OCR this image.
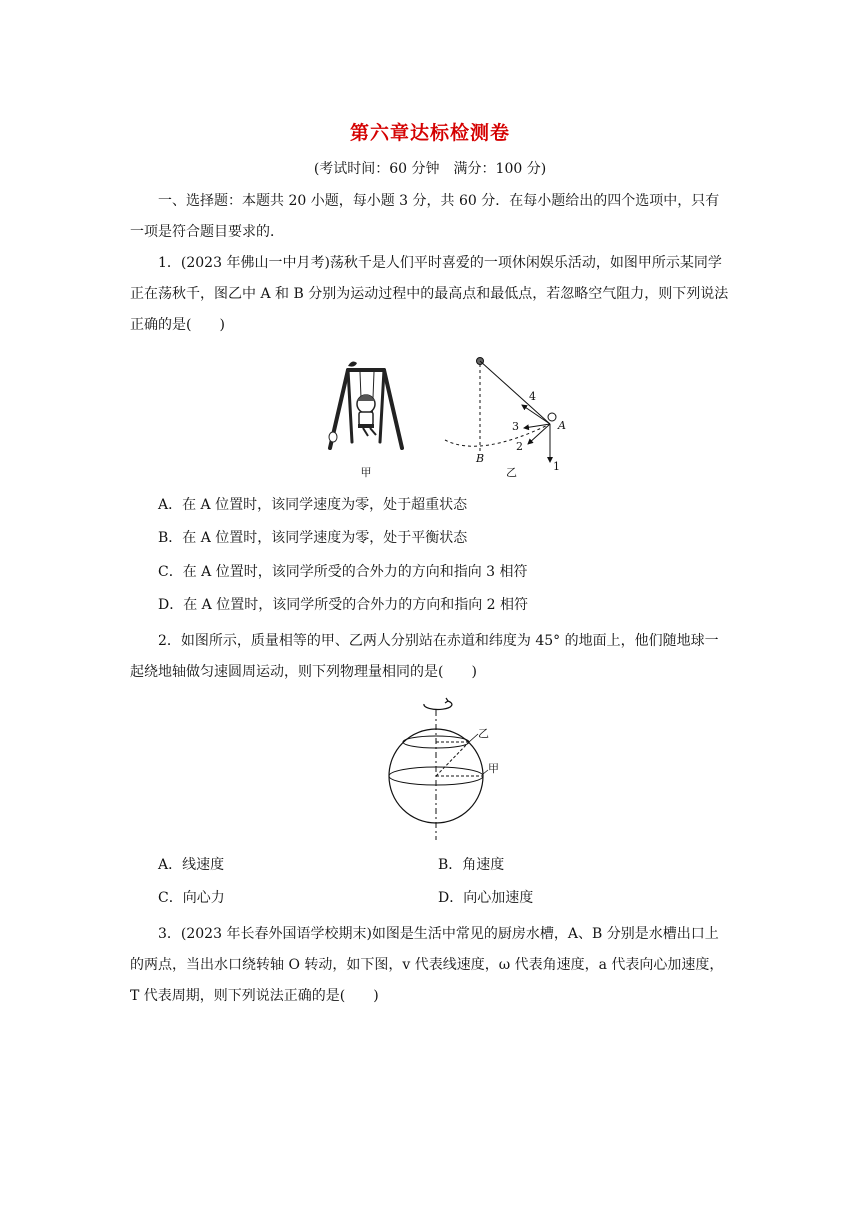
第六章达标检测卷
(考试时间：60 分钟　满分：100 分)

一、选择题：本题共 20 小题，每小题 3 分，共 60 分．在每小题给出的四个选项中，只有一项是符合题目要求的．

1．(2023 年佛山一中月考)荡秋千是人们平时喜爱的一项休闲娱乐活动，如图甲所示某同学正在荡秋千，图乙中 A 和 B 分别为运动过程中的最高点和最低点，若忽略空气阻力，则下列说法正确的是(　　)

甲	1
2
3
4
A
B
乙
A．在 A 位置时，该同学速度为零，处于超重状态
B．在 A 位置时，该同学速度为零，处于平衡状态
C．在 A 位置时，该同学所受的合外力的方向和指向 3 相符
D．在 A 位置时，该同学所受的合外力的方向和指向 2 相符

2．如图所示，质量相等的甲、乙两人分别站在赤道和纬度为 45° 的地面上，他们随地球一起绕地轴做匀速圆周运动，则下列物理量相同的是(　　)

乙
甲
A．线速度	B．角速度
C．向心力	D．向心加速度

3．(2023 年长春外国语学校期末)如图是生活中常见的厨房水槽，A、B 分别是水槽出口上的两点，当出水口绕转轴 O 转动，如下图，v 代表线速度，ω 代表角速度，a 代表向心加速度，T 代表周期，则下列说法正确的是(　　)
